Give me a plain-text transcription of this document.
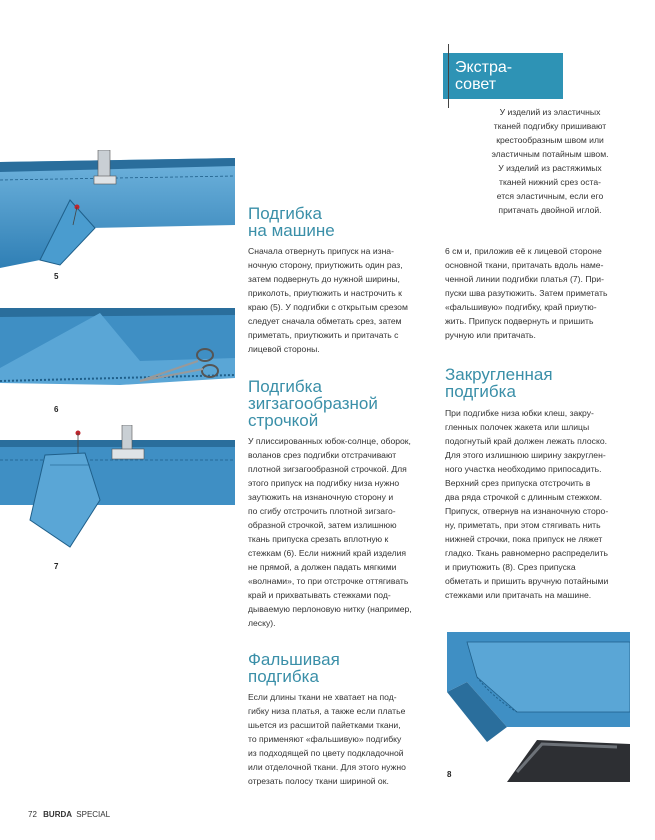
Экстра-
совет
У изделий из эластичных
тканей подгибку пришивают
крестообразным швом или
эластичным потайным швом.
У изделий из растяжимых
тканей нижний срез оста-
ется эластичным, если его
притачать двойной иглой.
Подгибка
на машине
Сначала отвернуть припуск на изна-
ночную сторону, приутюжить один раз,
затем подвернуть до нужной ширины,
приколоть, приутюжить и настрочить к
краю (5). У подгибки с открытым срезом
следует сначала обметать срез, затем
приметать, приутюжить и притачать с
лицевой стороны.
6 см и, приложив её к лицевой стороне
основной ткани, притачать вдоль наме-
ченной линии подгибки платья (7). При-
пуски шва разутюжить. Затем приметать
«фальшивую» подгибку, край приутю-
жить. Припуск подвернуть и пришить
ручную или притачать.
Подгибка
зигзагообразной
строчкой
У плиссированных юбок-солнце, оборок,
воланов срез подгибки отстрачивают
плотной зигзагообразной строчкой. Для
этого припуск на подгибку низа нужно
заутюжить на изнаночную сторону и
по сгибу отстрочить плотной зигзаго-
образной строчкой, затем излишнюю
ткань припуска срезать вплотную к
стежкам (6). Если нижний край изделия
не прямой, а должен падать мягкими
«волнами», то при отстрочке оттягивать
край и прихватывать стежками под-
дываемую перлоновую нитку (например,
леску).
Закругленная
подгибка
При подгибке низа юбки клеш, закру-
гленных полочек жакета или шлицы
подогнутый край должен лежать плоско.
Для этого излишнюю ширину закруглен-
ного участка необходимо припосадить.
Верхний срез припуска отстрочить в
два ряда строчкой с длинным стежком.
Припуск, отвернув на изнаночную сторо-
ну, приметать, при этом стягивать нить
нижней строчки, пока припуск не ляжет
гладко. Ткань равномерно распределить
и приутюжить (8). Срез припуска
обметать и пришить вручную потайными
стежками или притачать на машине.
Фальшивая
подгибка
Если длины ткани не хватает на под-
гибку низа платья, а также если платье
шьется из расшитой пайетками ткани,
то применяют «фальшивую» подгибку
из подходящей по цвету подкладочной
или отделочной ткани. Для этого нужно
отрезать полосу ткани шириной ок.
5
6
7
8
72 BURDA SPECIAL
